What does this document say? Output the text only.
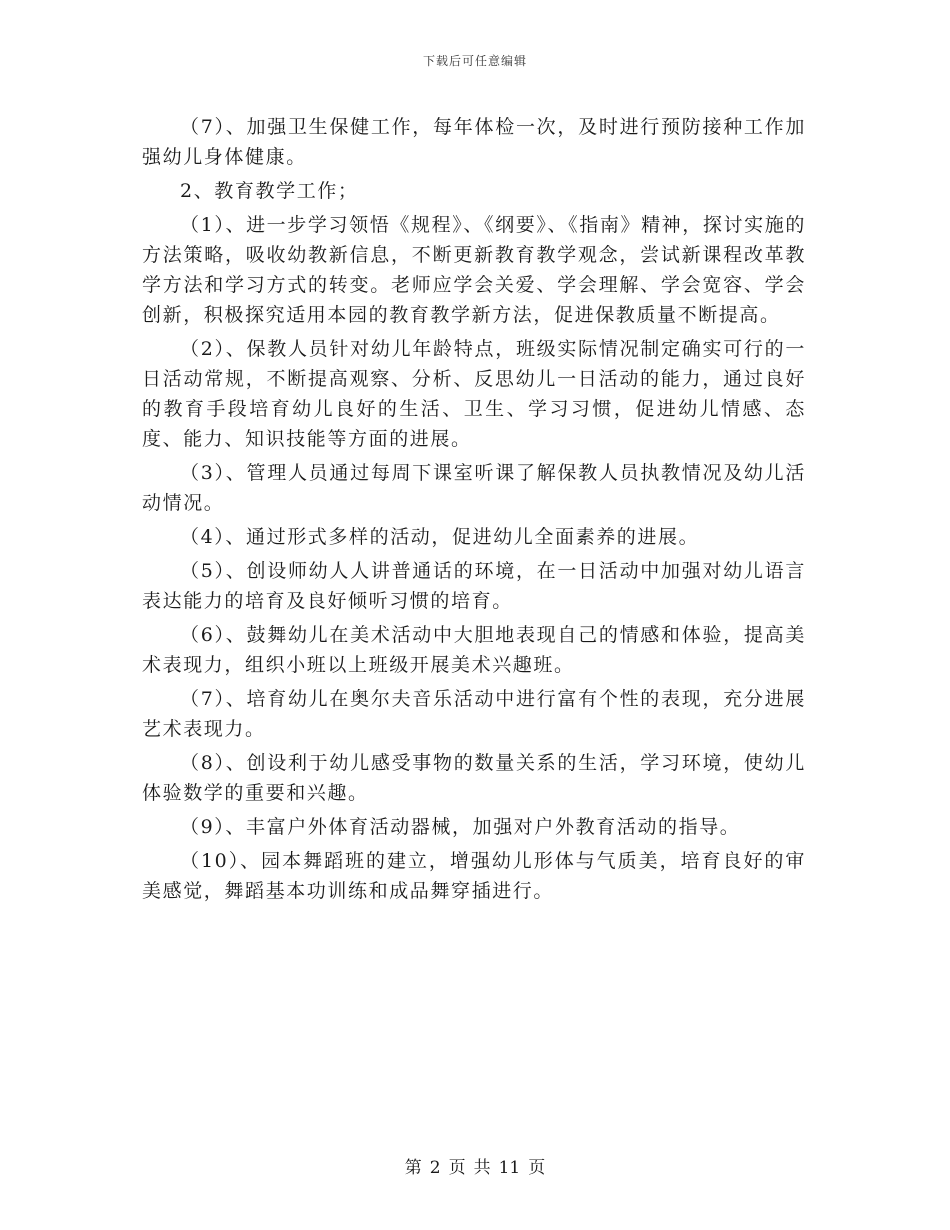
下载后可任意编辑

（7）、加强卫生保健工作，每年体检一次，及时进行预防接种工作加强幼儿身体健康。

2、教育教学工作；

（1）、进一步学习领悟《规程》、《纲要》、《指南》精神，探讨实施的方法策略，吸收幼教新信息，不断更新教育教学观念，尝试新课程改革教学方法和学习方式的转变。老师应学会关爱、学会理解、学会宽容、学会创新，积极探究适用本园的教育教学新方法，促进保教质量不断提高。

（2）、保教人员针对幼儿年龄特点，班级实际情况制定确实可行的一日活动常规，不断提高观察、分析、反思幼儿一日活动的能力，通过良好的教育手段培育幼儿良好的生活、卫生、学习习惯，促进幼儿情感、态度、能力、知识技能等方面的进展。

（3）、管理人员通过每周下课室听课了解保教人员执教情况及幼儿活动情况。

（4）、通过形式多样的活动，促进幼儿全面素养的进展。

（5）、创设师幼人人讲普通话的环境，在一日活动中加强对幼儿语言表达能力的培育及良好倾听习惯的培育。

（6）、鼓舞幼儿在美术活动中大胆地表现自己的情感和体验，提高美术表现力，组织小班以上班级开展美术兴趣班。

（7）、培育幼儿在奥尔夫音乐活动中进行富有个性的表现，充分进展艺术表现力。

（8）、创设利于幼儿感受事物的数量关系的生活，学习环境，使幼儿体验数学的重要和兴趣。

（9）、丰富户外体育活动器械，加强对户外教育活动的指导。

（10）、园本舞蹈班的建立，增强幼儿形体与气质美，培育良好的审美感觉，舞蹈基本功训练和成品舞穿插进行。

第 2 页 共 11 页
